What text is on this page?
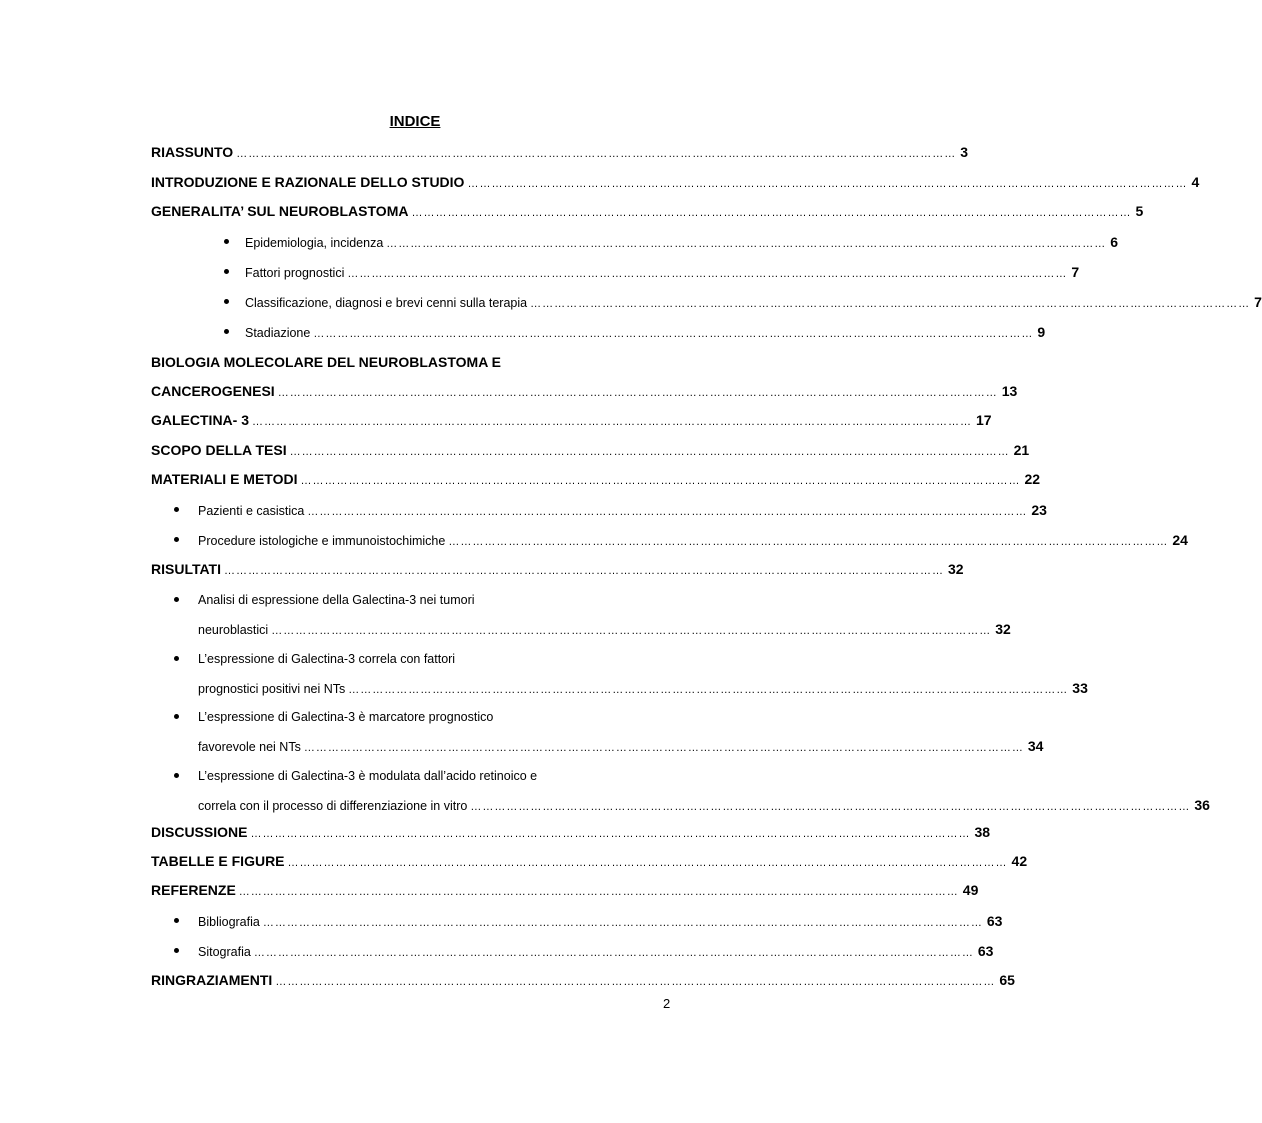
INDICE
RIASSUNTO ……………………………………………………………………………………………………………………………………………………………… 3
INTRODUZIONE E RAZIONALE DELLO STUDIO ……………………………………………………………………………………………………………………………………………………………… 4
GENERALITA’ SUL NEUROBLASTOMA ……………………………………………………………………………………………………………………………………………………………… 5
Epidemiologia, incidenza ……………………………………………………………………………………………………………………………………………………………… 6
Fattori prognostici ……………………………………………………………………………………………………………………………………………………………… 7
Classificazione, diagnosi e brevi cenni sulla terapia ……………………………………………………………………………………………………………………………………………………………… 7
Stadiazione ……………………………………………………………………………………………………………………………………………………………… 9
BIOLOGIA MOLECOLARE DEL NEUROBLASTOMA E
CANCEROGENESI ……………………………………………………………………………………………………………………………………………………………… 13
GALECTINA- 3 ……………………………………………………………………………………………………………………………………………………………… 17
SCOPO DELLA TESI ……………………………………………………………………………………………………………………………………………………………… 21
MATERIALI E METODI ……………………………………………………………………………………………………………………………………………………………… 22
Pazienti e casistica ……………………………………………………………………………………………………………………………………………………………… 23
Procedure istologiche e immunoistochimiche ……………………………………………………………………………………………………………………………………………………………… 24
RISULTATI ……………………………………………………………………………………………………………………………………………………………… 32
Analisi di espressione della Galectina-3 nei tumori
neuroblastici ……………………………………………………………………………………………………………………………………………………………… 32
L’espressione di Galectina-3 correla con fattori
prognostici positivi nei NTs ……………………………………………………………………………………………………………………………………………………………… 33
L’espressione di Galectina-3 è marcatore prognostico
favorevole nei NTs ……………………………………………………………………………………………………………………………………………………………… 34
L’espressione di Galectina-3 è modulata dall’acido retinoico e
correla con il processo di differenziazione in vitro ……………………………………………………………………………………………………………………………………………………………… 36
DISCUSSIONE ……………………………………………………………………………………………………………………………………………………………… 38
TABELLE E FIGURE ……………………………………………………………………………………………………………………………………………………………… 42
REFERENZE ……………………………………………………………………………………………………………………………………………………………… 49
Bibliografia ……………………………………………………………………………………………………………………………………………………………… 63
Sitografia ……………………………………………………………………………………………………………………………………………………………… 63
RINGRAZIAMENTI ……………………………………………………………………………………………………………………………………………………………… 65
2
